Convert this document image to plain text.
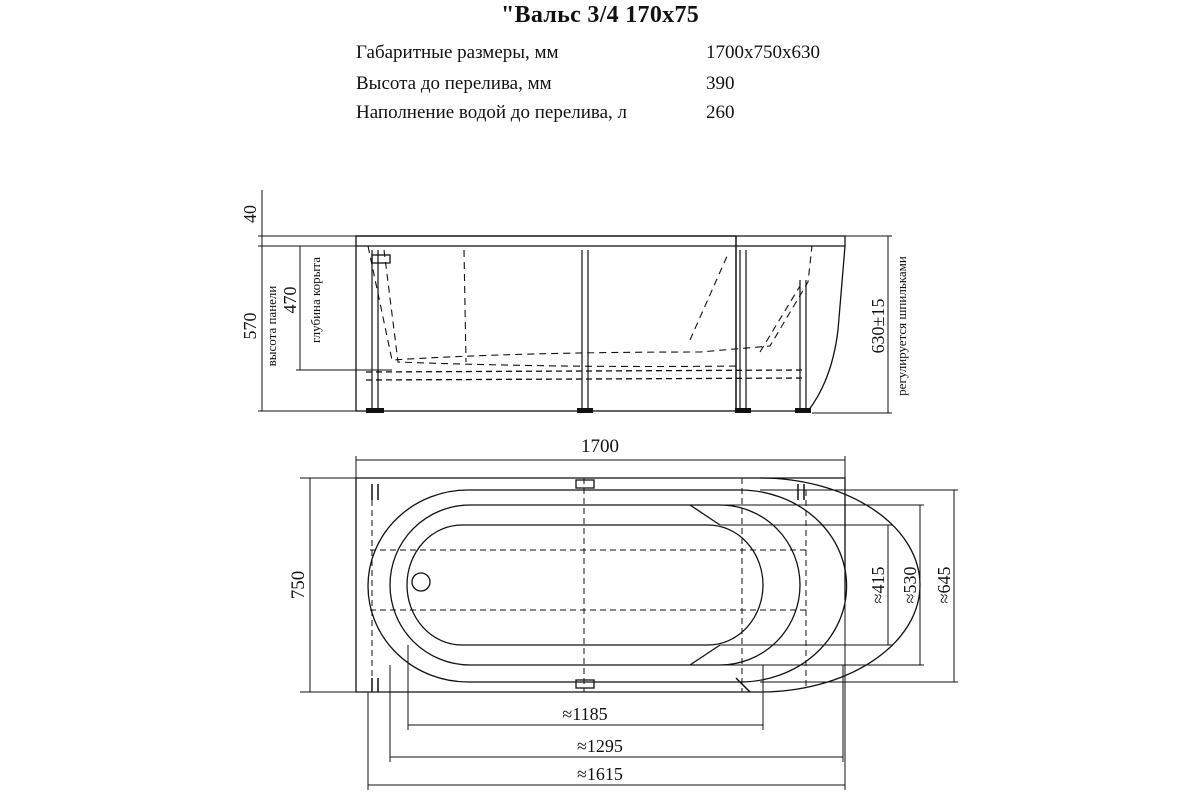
"Вальс 3/4 170x75
Габаритные размеры, мм	1700x750x630
Высота до перелива, мм	390
Наполнение водой до перелива, л	260
40
570 высота панели 470 глубина корыта	630±15 регулируется шпильками
1700
750	≈415 ≈530 ≈645
≈1185
≈1295
≈1615
